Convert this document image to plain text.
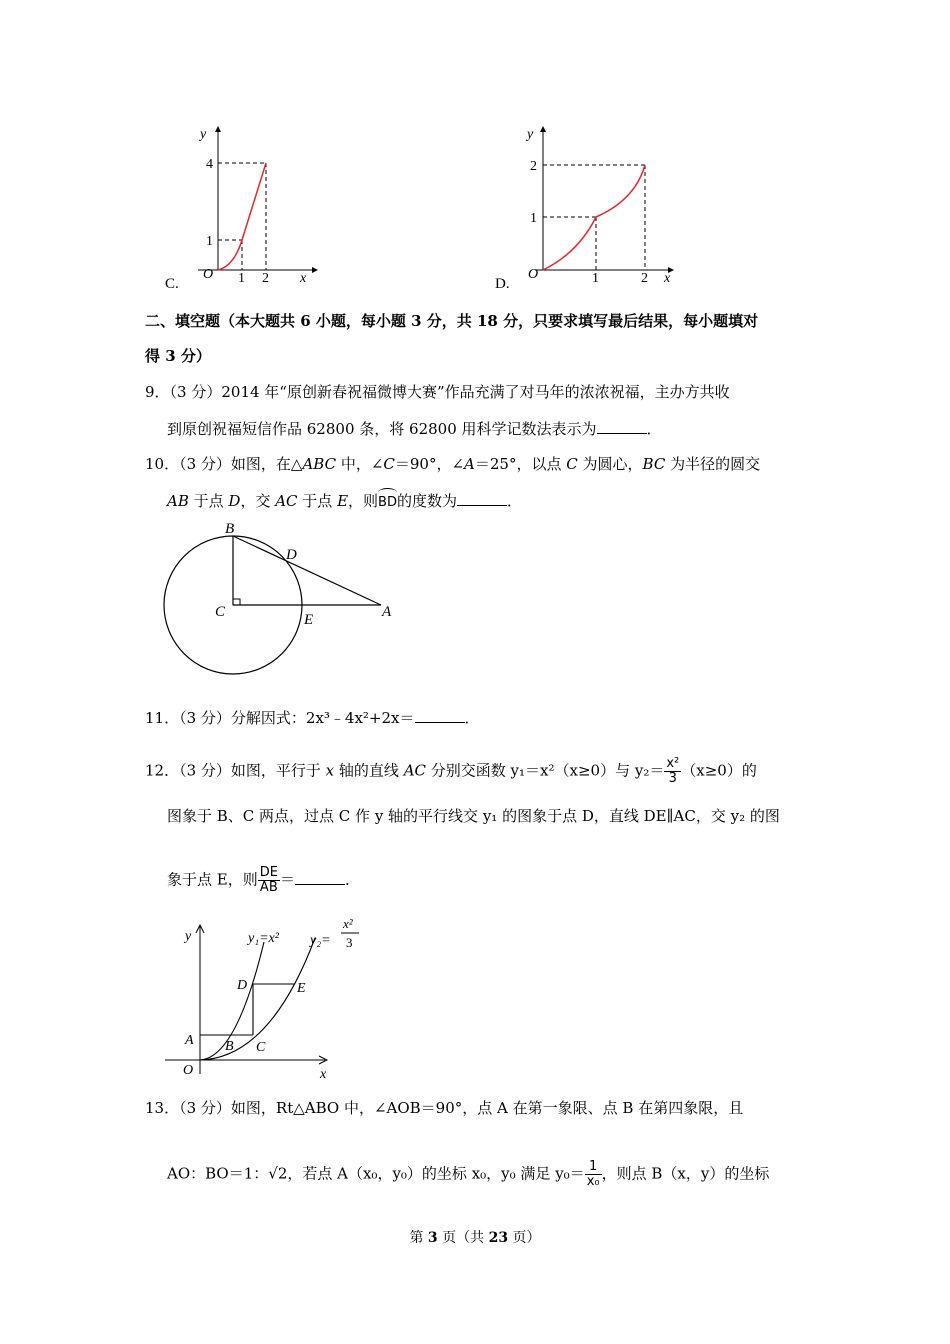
y
4
1
O 1 2 x
C.
y
2
1
O	1	2 x
D.
二、填空题（本大题共 6 小题，每小题 3 分，共 18 分，只要求填写最后结果，每小题填对
得 3 分）
9．（3 分）2014 年“原创新春祝福微博大赛”作品充满了对马年的浓浓祝福，主办方共收
到原创祝福短信作品 62800 条，将 62800 用科学记数法表示为	．
10．（3 分）如图，在△ABC 中，∠C＝90°，∠A＝25°，以点 C 为圆心，BC 为半径的圆交
AB 于点 D，交 AC 于点 E，则
BD的度数为	．
B
D
C	E	A
11．（3 分）分解因式：2x³﹣4x²+2x＝	．
12．（3 分）如图，平行于 x 轴的直线 AC 分别交函数 y₁＝x²（x≥0）与 $y_2= \frac{\text{x²}}{3} (x\ge 0)$的
图象于 B、C 两点，过点 C 作 y 轴的平行线交 y₁ 的图象于点 D，直线 DE∥AC，交 y₂ 的图
象于点 E，则 $\frac{DE}{AB}$ ＝	．
y
O	x
A B C
D	E
y₁=x² y₂=
x²
3
13．（3 分）如图，Rt△ABO 中，∠AOB＝90°，点 A 在第一象限、点 B 在第四象限，且
AO：BO＝1：√2，若点 A（x₀，y₀）的坐标 x₀，y₀ 满足 $y_0= \frac{1}{\text{x₀}}$ ，则点 B（x，y）的坐标
第 3 页（共 23 页）
